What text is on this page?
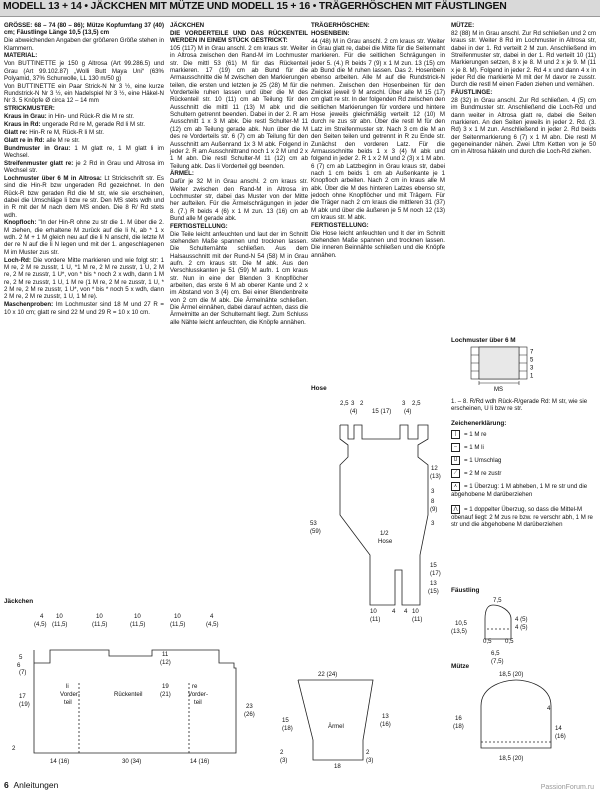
MODELL 13 + 14 • JÄCKCHEN MIT MÜTZE UND MODELL 15 + 16 • TRÄGERHÖSCHEN MIT FÄUSTLINGEN

GRÖSSE: 68 – 74 (80 – 86); Mütze Kopfumfang 37 (40) cm; Fäustlinge Länge 10,5 (13,5) cm

Die abweichenden Angaben der größeren Größe stehen in Klammern.

MATERIAL:

Von BUTTINETTE je 150 g Altrosa (Art 99.286.5) und Grau (Art 99.102.87) „Wolli Butt Maya Uni“ (63% Polyamid, 37% Schurwolle, LL 130 m/50 g)

Von BUTTINETTE ein Paar Strick-N Nr 3 ½, eine kurze Rundstrick-N Nr 3 ½, ein Nadelspiel Nr 3 ½, eine Häkel-N Nr 3. 5 Knöpfe Ø circa 12 – 14 mm

STRICKMUSTER:

Kraus in Grau: in Hin- und Rück-R die M re str.

Kraus in Rd: ungerade Rd re M, gerade Rd li M str.

Glatt re: Hin-R re M, Rück-R li M str.

Glatt re in Rd: alle M re str.

Bundmuster in Grau: 1 M glatt re, 1 M glatt li im Wechsel.

Streifenmuster glatt re: je 2 Rd in Grau und Altrosa im Wechsel str.

Lochmuster über 6 M in Altrosa: Lt Strickschrift str. Es sind die Hin-R bzw ungeraden Rd gezeichnet. In den Rück-R bzw geraden Rd die M str, wie sie erscheinen, dabei die Umschläge li bzw re str. Den MS stets wdh und in R mit der M nach dem MS enden. Die 8 R/ Rd stets wdh.

Knopfloch: "In der Hin-R ohne zu str die 1. M über die 2. M ziehen, die erhaltene M zurück auf die li N, ab * 1 x wdh. 2 M + 1 M gleich neu auf die li N anschl, die letzte M der re N auf die li N legen und mit der 1. angeschlagenen M im Muster zus str.

Loch-Rd: Die vordere Mitte markieren und wie folgt str: 1 M re, 2 M re zusstr, 1 U, *1 M re, 2 M re zusstr, 1 U, 2 M re, 2 M re zusstr, 1 U*, von * bis * noch 2 x wdh, dann 1 M re, 2 M re zusstr, 1 U, 1 M re (1 M re, 2 M re zusstr, 1 U, * 2 M re, 2 M re zusstr, 1 U*, von * bis * noch 5 x wdh, dann 2 M re, 2 M re zusstr, 1 U, 1 M re).

Maschenproben: Im Lochmuster sind 18 M und 27 R = 10 x 10 cm; glatt re sind 22 M und 29 R = 10 x 10 cm.

JÄCKCHEN

DIE VORDERTEILE UND DAS RÜCKENTEIL WERDEN IN EINEM STÜCK GESTRICKT:

105 (117) M in Grau anschl. 2 cm kraus str. Weiter in Altrosa zwischen den Rand-M im Lochmuster str. Die mittl 53 (61) M für das Rückenteil markieren. 17 (19) cm ab Bund für die Armausschnitte die M zwischen den Markierungen teilen, die ersten und letzten je 25 (28) M für die Vorderteile ruhen lassen und über die M des Rückenteil str. 10 (11) cm ab Teilung für den Ausschnitt die mittl 11 (13) M abk und die Schultern getrennt beenden. Dabei in der 2. R am Ausschnitt 1 x 3 M abk. Die restl Schulter-M 11 (12) cm ab Teilung gerade abk. Nun über die M des re Vorderteils str. 6 (7) cm ab Teilung für den Ausschnitt am Außenrand 1x 3 M abk. Folgend in jeder 2. R am Ausschnittrand noch 1 x 2 M und 2 x 1 M abn. Die restl Schulter-M 11 (12) cm ab Teilung abk. Das li Vorderteil ggl beenden.

ÄRMEL:

Dafür je 32 M in Grau anschl. 2 cm kraus str. Weiter zwischen den Rand-M in Altrosa im Lochmuster str, dabei das Muster von der Mitte her aufteilen. Für die Ärmelschrägungen in jeder 8. (7.) R beids 4 (6) x 1 M zun. 13 (16) cm ab Bund alle M gerade abk.

FERTIGSTELLUNG:

Die Teile leicht anfeuchten und laut der im Schnitt stehenden Maße spannen und trocknen lassen. Die Schulternähte schließen. Aus dem Halsausschnitt mit der Rund-N 54 (58) M in Grau aufn. 2 cm kraus str. Die M abk. Aus den Verschlusskanten je 51 (59) M aufn. 1 cm kraus str. Nun in eine der Blenden 3 Knopflöcher arbeiten, das erste 6 M ab oberer Kante und 2 x im Abstand von 3 (4) cm. Bei einer Blendenbreite von 2 cm die M abk. Die Ärmelnähte schließen. Die Ärmel einnähen, dabei darauf achten, dass die Ärmelmitte an der Schulternaht liegt. Zum Schluss alle Nähte leicht anfeuchten, die Knöpfe annähen.

TRÄGERHÖSCHEN:

HOSENBEIN:

44 (48) M in Grau anschl. 2 cm kraus str. Weiter in Grau glatt re, dabei die Mitte für die Seitennaht markieren. Für die seitlichen Schrägungen in jeder 5. (4.) R beids 7 (9) x 1 M zun. 13 (15) cm ab Bund die M ruhen lassen. Das 2. Hosenbein ebenso arbeiten. Alle M auf die Rundstrick-N nehmen. Zwischen den Hosenbeinen für den Zwickel jeweil 9 M anschl. Über alle M 15 (17) cm glatt re str. In der folgenden Rd zwischen den seitlichen Markierungen für vordere und hintere Hose jeweils gleichmäßig verteilt 12 (10) M durch re zus str abn. Über die restl M für den Latz im Streifenmuster str. Nach 3 cm die M an den Seiten teilen und getrennt in R zu Ende str. Zunächst den vorderen Latz. Für die Armausschnitte beids 1 x 3 (4) M abk und folgend in jeder 2. R 1 x 2 M und 2 (3) x 1 M abn. 6 (7) cm ab Latzbeginn in Grau kraus str, dabei nach 1 cm beids 1 cm ab Außenkante je 1 Knopfloch arbeiten. Nach 2 cm in kraus alle M abk. Über die M des hinteren Latzes ebenso str, jedoch ohne Knopflöcher und mit Trägern. Für die Träger nach 2 cm kraus die mittleren 31 (37) M abk und über die äußeren je 5 M noch 12 (13) cm kraus str. M abk.

FERTIGSTELLUNG:

Die Hose leicht anfeuchten und lt der im Schnitt stehenden Maße spannen und trocknen lassen. Die inneren Beinnähte schließen und die Knöpfe annähen.

MÜTZE:

82 (88) M in Grau anschl. Zur Rd schließen und 2 cm kraus str. Weiter 8 Rd im Lochmuster in Altrosa str, dabei in der 1. Rd verteilt 2 M zun. Anschließend im Streifenmuster str, dabei in der 1. Rd verteilt 10 (11) Markierungen setzen, 8 x je 8. M und 2 x je 9. M (11 x je 8. M). Folgend in jeder 2. Rd 4 x und dann 4 x in jeder Rd die markierte M mit der M davor re zusstr. Durch die restl M einen Faden ziehen und vernähen.

FÄUSTLINGE:

28 (32) in Grau anschl. Zur Rd schließen. 4 (5) cm im Bundmuster str. Anschließend die Loch-Rd und dann weiter in Altrosa glatt re, dabei die Seiten markieren. An den Seiten jeweils in jeder 2. Rd. (3. Rd) 3 x 1 M zun. Anschließend in jeder 2. Rd beids der Seitenmarkierung 6 (7) x 1 M abn. Die restl M gegeneinander nähen. Zwei Lftm Ketten von je 50 cm in Altrosa häkeln und durch die Loch-Rd ziehen.

Lochmuster über 6 M
7
5
3
1
MS
1. – 8. R/Rd wdh Rück-R/gerade Rd: M str, wie sie erscheinen, U li bzw re str.
Zeichenerklärung:
| = 1 M re
– = 1 M li
U = 1 Umschlag
⟋ = 2 M re zustr
⋏ = 1 Überzug: 1 M abheben, 1 M re str und die abgehobene M darüberziehen
⋀ = 1 doppelter Überzug, so dass die Mittel-M obenauf liegt: 2 M zus re bzw. re verschr abh, 1 M re str und die abgehobene M darüberziehen
Hose
2,5 3 2	3 2,5
(4) 15 (17) (4)
12
(13)
3
8
(9)
3
53
(59)	1/2
Hose
15
(17)
13
(15)
10
(11)
4 4 10
(11)
Jäckchen
4
(4,5)
10
(11,5)
10
(11,5)
10
(11,5)
10
(11,5)
4
(4,5)
11
(12)
5
6
(7)
17
(19)
li
Vorder-
teil
Rückenteil
19
(21)
re
Vorder-
teil
23
(26)
2
14 (16)	30 (34)	14 (16)
22 (24)
15
(18)	Ärmel
13
(16)
2
(3)
18
2
(3)
Fäustling
7,5
10,5
(13,5)
4 (5)
4 (5)
0,5 0,5
6,5
(7,5)
Mütze
18,5 (20)
4
16
(18)	14
(16)
18,5 (20)
6 Anleitungen	PassionForum.ru
